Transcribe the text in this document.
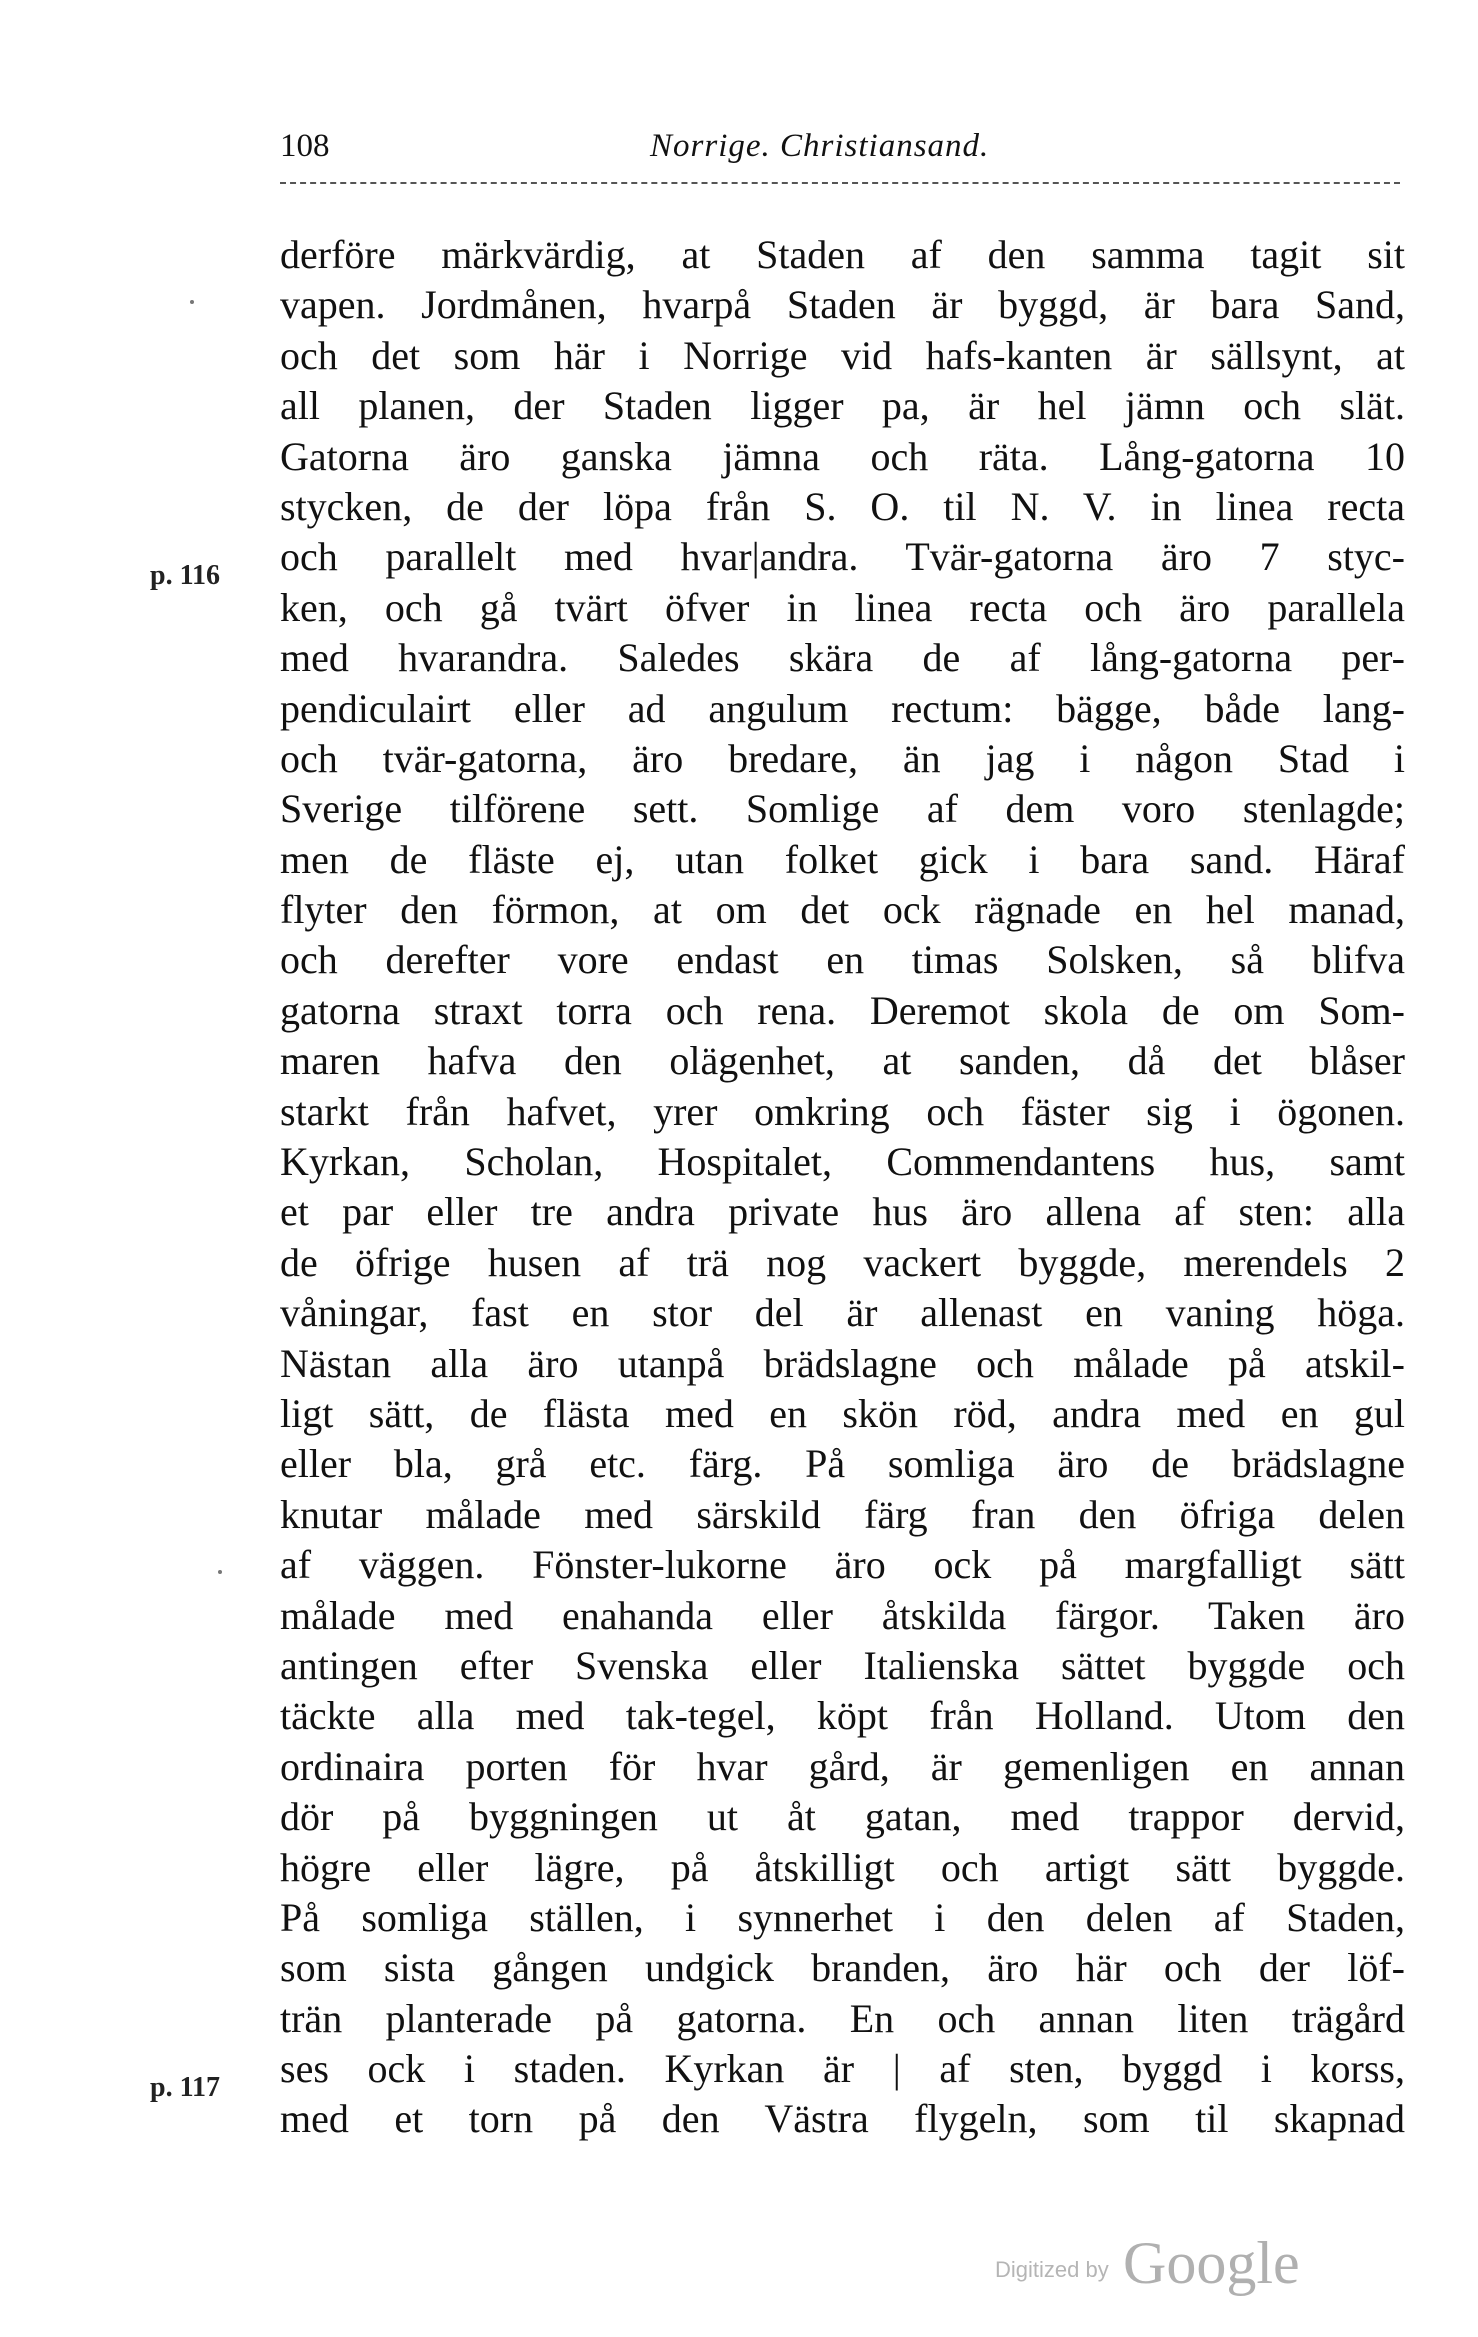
108	Norrige. Christiansand.
p. 116
p. 117
derföre märkvärdig, at Staden af den samma tagit sit
vapen. Jordmånen, hvarpå Staden är byggd, är bara Sand,
och det som här i Norrige vid hafs-kanten är sällsynt, at
all planen, der Staden ligger pa, är hel jämn och slät.
Gatorna äro ganska jämna och räta. Lång-gatorna 10
stycken, de der löpa från S. O. til N. V. in linea recta
och parallelt med hvar|andra. Tvär-gatorna äro 7 styc-
ken, och gå tvärt öfver in linea recta och äro parallela
med hvarandra. Saledes skära de af lång-gatorna per-
pendiculairt eller ad angulum rectum: bägge, både lang-
och tvär-gatorna, äro bredare, än jag i någon Stad i
Sverige tilförene sett. Somlige af dem voro stenlagde;
men de fläste ej, utan folket gick i bara sand. Häraf
flyter den förmon, at om det ock rägnade en hel manad,
och derefter vore endast en timas Solsken, så blifva
gatorna straxt torra och rena. Deremot skola de om Som-
maren hafva den olägenhet, at sanden, då det blåser
starkt från hafvet, yrer omkring och fäster sig i ögonen.
Kyrkan, Scholan, Hospitalet, Commendantens hus, samt
et par eller tre andra private hus äro allena af sten: alla
de öfrige husen af trä nog vackert byggde, merendels 2
våningar, fast en stor del är allenast en vaning höga.
Nästan alla äro utanpå brädslagne och målade på atskil-
ligt sätt, de flästa med en skön röd, andra med en gul
eller bla, grå etc. färg. På somliga äro de brädslagne
knutar målade med särskild färg fran den öfriga delen
af väggen. Fönster-lukorne äro ock på margfalligt sätt
målade med enahanda eller åtskilda färgor. Taken äro
antingen efter Svenska eller Italienska sättet byggde och
täckte alla med tak-tegel, köpt från Holland. Utom den
ordinaira porten för hvar gård, är gemenligen en annan
dör på byggningen ut åt gatan, med trappor dervid,
högre eller lägre, på åtskilligt och artigt sätt byggde.
På somliga ställen, i synnerhet i den delen af Staden,
som sista gången undgick branden, äro här och der löf-
trän planterade på gatorna. En och annan liten trägård
ses ock i staden. Kyrkan är | af sten, byggd i korss,
med et torn på den Västra flygeln, som til skapnad
Digitized by Google
